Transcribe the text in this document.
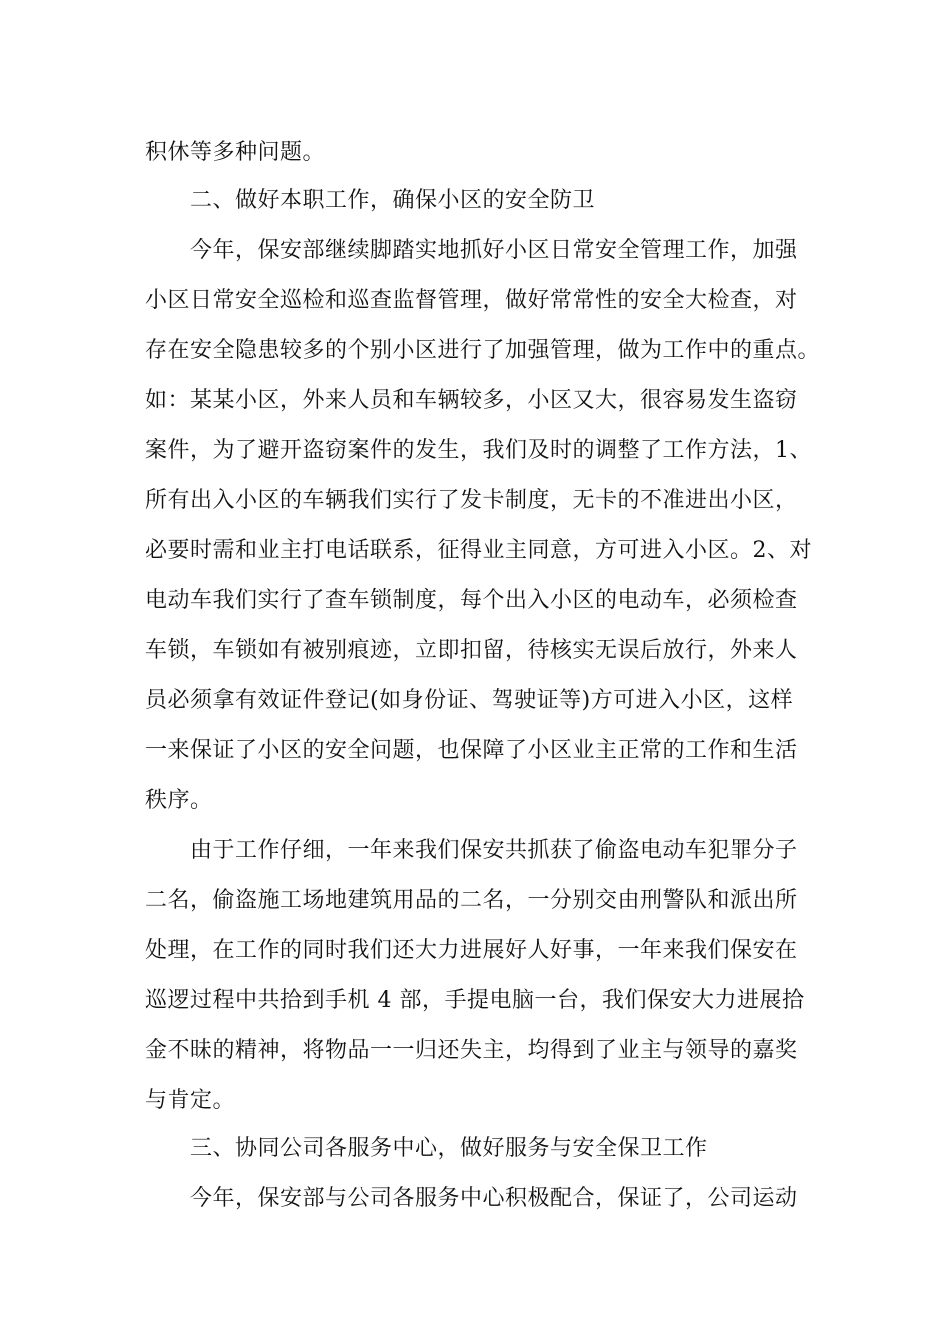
积休等多种问题。
二、做好本职工作，确保小区的安全防卫
今年，保安部继续脚踏实地抓好小区日常安全管理工作，加强
小区日常安全巡检和巡查监督管理，做好常常性的安全大检查，对
存在安全隐患较多的个别小区进行了加强管理，做为工作中的重点。
如：某某小区，外来人员和车辆较多，小区又大，很容易发生盗窃
案件，为了避开盗窃案件的发生，我们及时的调整了工作方法，1、
所有出入小区的车辆我们实行了发卡制度，无卡的不准进出小区，
必要时需和业主打电话联系，征得业主同意，方可进入小区。2、对
电动车我们实行了查车锁制度，每个出入小区的电动车，必须检查
车锁，车锁如有被别痕迹，立即扣留，待核实无误后放行，外来人
员必须拿有效证件登记(如身份证、驾驶证等)方可进入小区，这样
一来保证了小区的安全问题，也保障了小区业主正常的工作和生活
秩序。
由于工作仔细，一年来我们保安共抓获了偷盗电动车犯罪分子
二名，偷盗施工场地建筑用品的二名，一分别交由刑警队和派出所
处理，在工作的同时我们还大力进展好人好事，一年来我们保安在
巡逻过程中共拾到手机 4 部，手提电脑一台，我们保安大力进展拾
金不昧的精神，将物品一一归还失主，均得到了业主与领导的嘉奖
与肯定。
三、协同公司各服务中心，做好服务与安全保卫工作
今年，保安部与公司各服务中心积极配合，保证了，公司运动
